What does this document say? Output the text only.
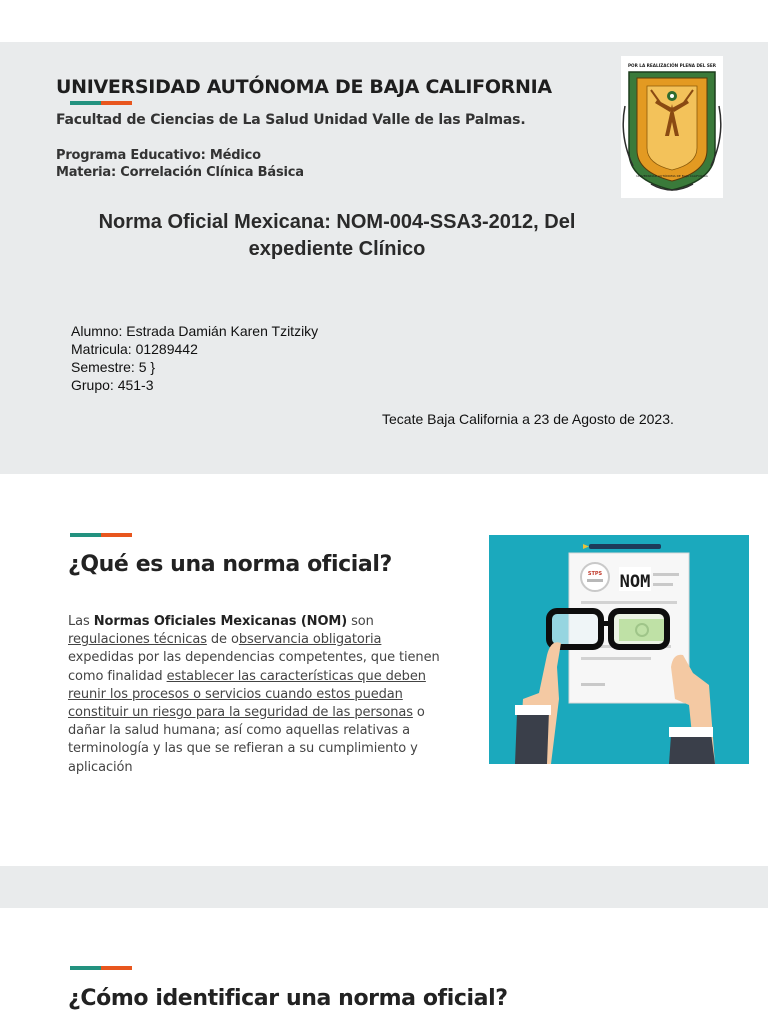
UNIVERSIDAD AUTÓNOMA DE BAJA CALIFORNIA
Facultad de Ciencias de La Salud Unidad Valle de las Palmas.
Programa Educativo: Médico
Materia: Correlación Clínica Básica
POR LA REALIZACIÓN PLENA DEL SER
UNIVERSIDAD AUTÓNOMA DE BAJA CALIFORNIA
Norma Oficial Mexicana: NOM-004-SSA3-2012, Del
expediente Clínico
Alumno: Estrada Damián Karen Tzitziky
Matricula: 01289442
Semestre: 5 }
Grupo: 451-3
Tecate Baja California a 23 de Agosto de 2023.
¿Qué es una norma oficial?
Las Normas Oficiales Mexicanas (NOM) son regulaciones técnicas de observancia obligatoria expedidas por las dependencias competentes, que tienen como finalidad establecer las características que deben reunir los procesos o servicios cuando estos puedan constituir un riesgo para la seguridad de las personas o dañar la salud humana; así como aquellas relativas a terminología y las que se refieran a su cumplimiento y aplicación
STPS NOM
¿Cómo identificar una norma oficial?
